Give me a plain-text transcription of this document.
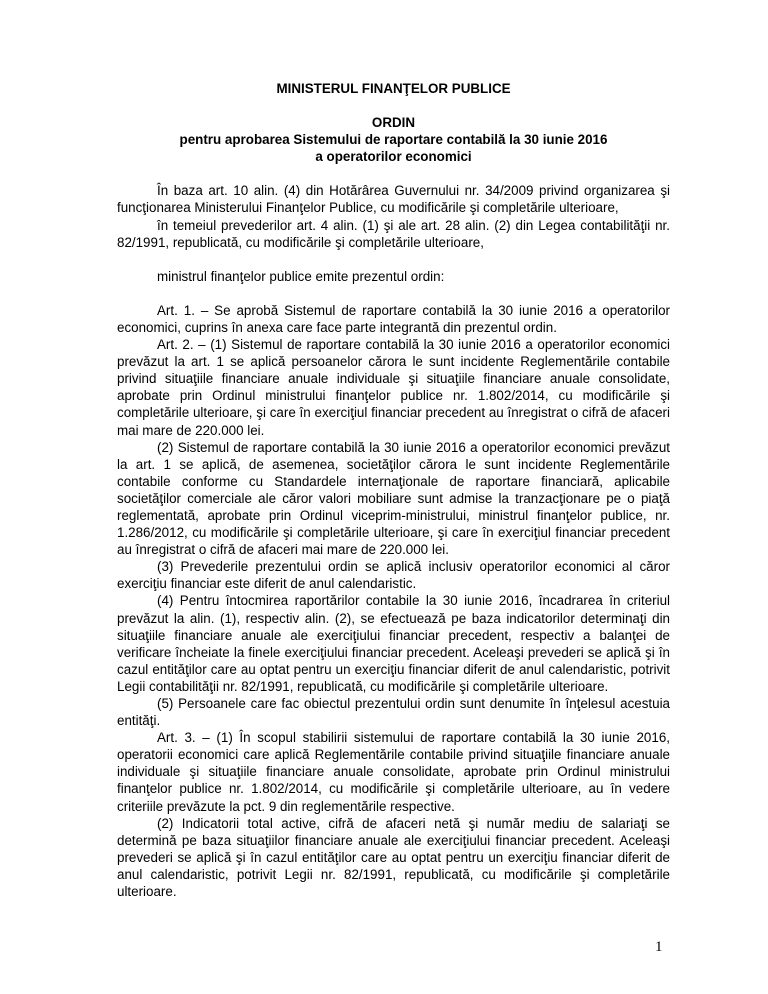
MINISTERUL FINANŢELOR PUBLICE

ORDIN

pentru aprobarea Sistemului de raportare contabilă la 30 iunie 2016

a operatorilor economici

În baza art. 10 alin. (4) din Hotărârea Guvernului nr. 34/2009 privind organizarea şi funcţionarea Ministerului Finanţelor Publice, cu modificările şi completările ulterioare,

în temeiul prevederilor art. 4 alin. (1) şi ale art. 28 alin. (2) din Legea contabilităţii nr. 82/1991, republicată, cu modificările şi completările ulterioare,

ministrul finanţelor publice emite prezentul ordin:

Art. 1. – Se aprobă Sistemul de raportare contabilă la 30 iunie 2016 a operatorilor economici, cuprins în anexa care face parte integrantă din prezentul ordin.

Art. 2. – (1) Sistemul de raportare contabilă la 30 iunie 2016 a operatorilor economici prevăzut la art. 1 se aplică persoanelor cărora le sunt incidente Reglementările contabile privind situaţiile financiare anuale individuale şi situaţiile financiare anuale consolidate, aprobate prin Ordinul ministrului finanţelor publice nr. 1.802/2014, cu modificările şi completările ulterioare, şi care în exerciţiul financiar precedent au înregistrat o cifră de afaceri mai mare de 220.000 lei.

(2) Sistemul de raportare contabilă la 30 iunie 2016 a operatorilor economici prevăzut la art. 1 se aplică, de asemenea, societăţilor cărora le sunt incidente Reglementările contabile conforme cu Standardele internaţionale de raportare financiară, aplicabile societăţilor comerciale ale căror valori mobiliare sunt admise la tranzacţionare pe o piaţă reglementată, aprobate prin Ordinul viceprim-ministrului, ministrul finanţelor publice, nr. 1.286/2012, cu modificările şi completările ulterioare, şi care în exerciţiul financiar precedent au înregistrat o cifră de afaceri mai mare de 220.000 lei.

(3) Prevederile prezentului ordin se aplică inclusiv operatorilor economici al căror exerciţiu financiar este diferit de anul calendaristic.

(4) Pentru întocmirea raportărilor contabile la 30 iunie 2016, încadrarea în criteriul prevăzut la alin. (1), respectiv alin. (2), se efectuează pe baza indicatorilor determinaţi din situaţiile financiare anuale ale exerciţiului financiar precedent, respectiv a balanţei de verificare încheiate la finele exerciţiului financiar precedent. Aceleaşi prevederi se aplică şi în cazul entităţilor care au optat pentru un exerciţiu financiar diferit de anul calendaristic, potrivit Legii contabilităţii nr. 82/1991, republicată, cu modificările şi completările ulterioare.

(5) Persoanele care fac obiectul prezentului ordin sunt denumite în înţelesul acestuia entităţi.

Art. 3. – (1) În scopul stabilirii sistemului de raportare contabilă la 30 iunie 2016, operatorii economici care aplică Reglementările contabile privind situaţiile financiare anuale individuale şi situaţiile financiare anuale consolidate, aprobate prin Ordinul ministrului finanţelor publice nr. 1.802/2014, cu modificările şi completările ulterioare, au în vedere criteriile prevăzute la pct. 9 din reglementările respective.

(2) Indicatorii total active, cifră de afaceri netă şi număr mediu de salariaţi se determină pe baza situaţiilor financiare anuale ale exerciţiului financiar precedent. Aceleaşi prevederi se aplică şi în cazul entităţilor care au optat pentru un exerciţiu financiar diferit de anul calendaristic, potrivit Legii nr. 82/1991, republicată, cu modificările şi completările ulterioare.

1
